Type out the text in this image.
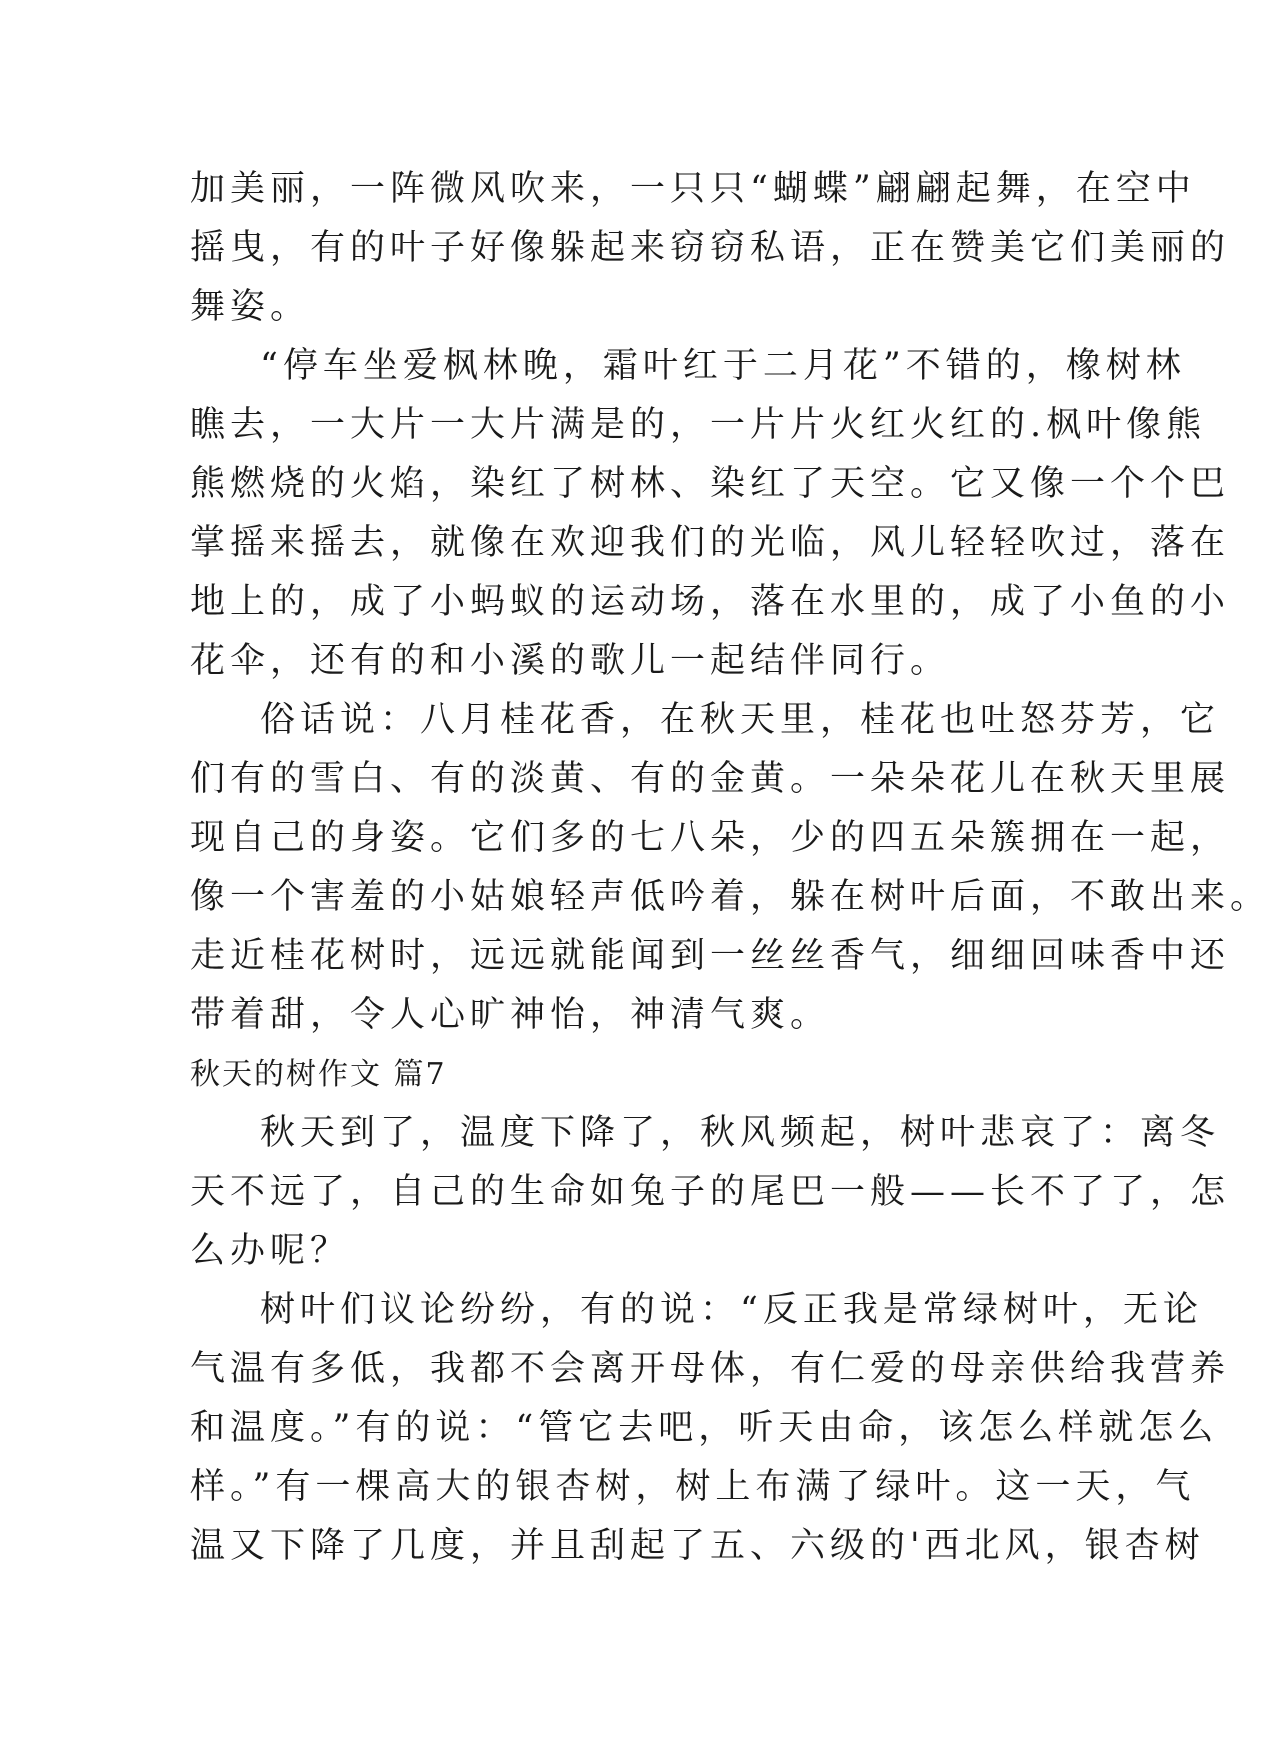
加美丽，一阵微风吹来，一只只“蝴蝶”翩翩起舞，在空中
摇曳，有的叶子好像躲起来窃窃私语，正在赞美它们美丽的
舞姿。
“停车坐爱枫林晚，霜叶红于二月花”不错的，橡树林
瞧去，一大片一大片满是的，一片片火红火红的.枫叶像熊
熊燃烧的火焰，染红了树林、染红了天空。它又像一个个巴
掌摇来摇去，就像在欢迎我们的光临，风儿轻轻吹过，落在
地上的，成了小蚂蚁的运动场，落在水里的，成了小鱼的小
花伞，还有的和小溪的歌儿一起结伴同行。
俗话说：八月桂花香，在秋天里，桂花也吐怒芬芳，它
们有的雪白、有的淡黄、有的金黄。一朵朵花儿在秋天里展
现自己的身姿。它们多的七八朵，少的四五朵簇拥在一起，
像一个害羞的小姑娘轻声低吟着，躲在树叶后面，不敢出来。
走近桂花树时，远远就能闻到一丝丝香气，细细回味香中还
带着甜，令人心旷神怡，神清气爽。
秋天的树作文 篇7
秋天到了，温度下降了，秋风频起，树叶悲哀了：离冬
天不远了，自己的生命如兔子的尾巴一般——长不了了，怎
么办呢？
树叶们议论纷纷，有的说：“反正我是常绿树叶，无论
气温有多低，我都不会离开母体，有仁爱的母亲供给我营养
和温度。”有的说：“管它去吧，听天由命，该怎么样就怎么
样。”有一棵高大的银杏树，树上布满了绿叶。这一天，气
温又下降了几度，并且刮起了五、六级的'西北风，银杏树
